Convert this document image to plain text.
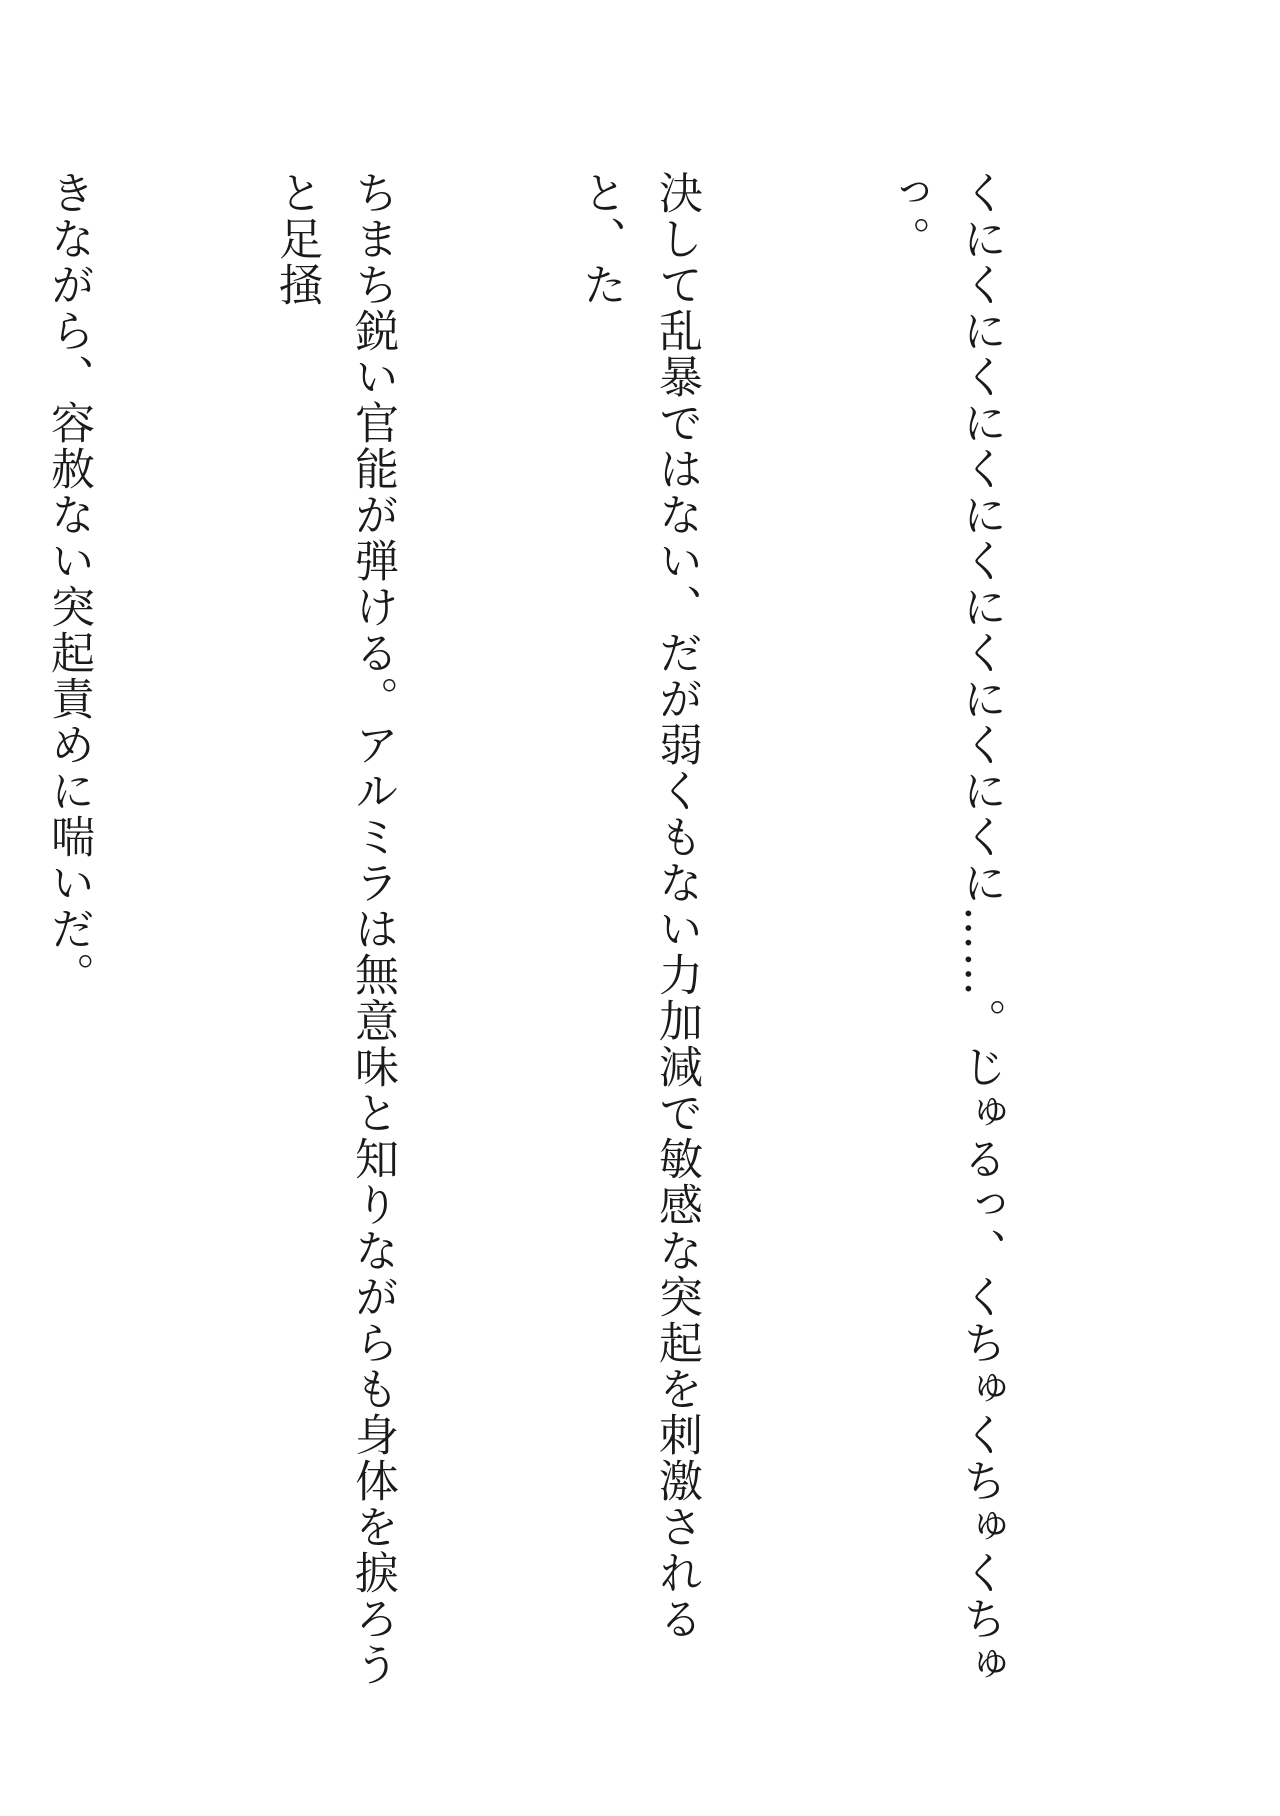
くにくにくにくにくにくにくにくに……。じゅるっ、くちゅくちゅくちゅっ。

決して乱暴ではない、だが弱くもない力加減で敏感な突起を刺激されると、た

ちまち鋭い官能が弾ける。アルミラは無意味と知りながらも身体を捩ろうと足掻

きながら、容赦ない突起責めに喘いだ。
